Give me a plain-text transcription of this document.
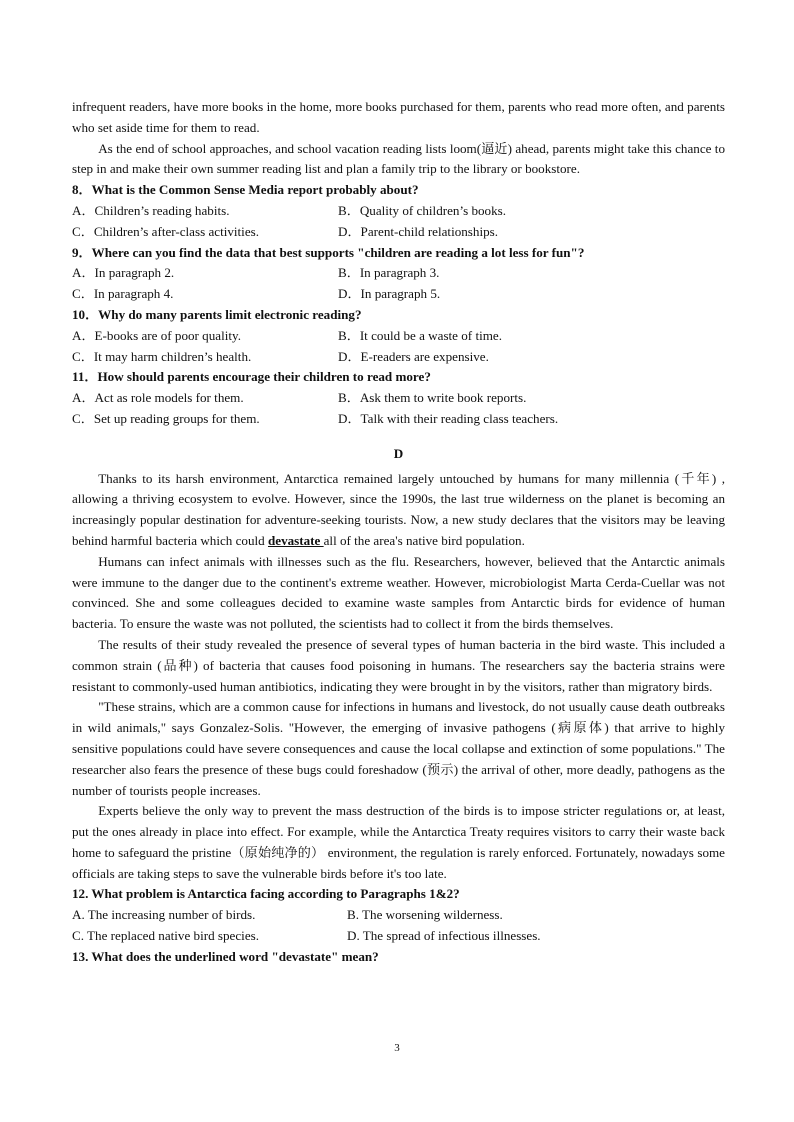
infrequent readers, have more books in the home, more books purchased for them, parents who read more often, and parents who set aside time for them to read.

As the end of school approaches, and school vacation reading lists loom(逼近) ahead, parents might take this chance to step in and make their own summer reading list and plan a family trip to the library or bookstore.

8．What is the Common Sense Media report probably about?

A．Children’s reading habits.	B．Quality of children’s books.
C．Children’s after-class activities.	D．Parent-child relationships.

9．Where can you find the data that best supports "children are reading a lot less for fun"?

A．In paragraph 2.	B．In paragraph 3.
C．In paragraph 4.	D．In paragraph 5.

10．Why do many parents limit electronic reading?

A．E-books are of poor quality.	B．It could be a waste of time.
C．It may harm children’s health.	D．E-readers are expensive.

11．How should parents encourage their children to read more?

A．Act as role models for them.	B．Ask them to write book reports.
C．Set up reading groups for them.	D．Talk with their reading class teachers.

D

Thanks to its harsh environment, Antarctica remained largely untouched by humans for many millennia (千年) , allowing a thriving ecosystem to evolve. However, since the 1990s, the last true wilderness on the planet is becoming an increasingly popular destination for adventure-seeking tourists. Now, a new study declares that the visitors may be leaving behind harmful bacteria which could devastate all of the area's native bird population.

Humans can infect animals with illnesses such as the flu. Researchers, however, believed that the Antarctic animals were immune to the danger due to the continent's extreme weather. However, microbiologist Marta Cerda-Cuellar was not convinced. She and some colleagues decided to examine waste samples from Antarctic birds for evidence of human bacteria. To ensure the waste was not polluted, the scientists had to collect it from the birds themselves.

The results of their study revealed the presence of several types of human bacteria in the bird waste. This included a common strain (品种) of bacteria that causes food poisoning in humans. The researchers say the bacteria strains were resistant to commonly-used human antibiotics, indicating they were brought in by the visitors, rather than migratory birds.

"These strains, which are a common cause for infections in humans and livestock, do not usually cause death outbreaks in wild animals," says Gonzalez-Solis. "However, the emerging of invasive pathogens (病原体) that arrive to highly sensitive populations could have severe consequences and cause the local collapse and extinction of some populations." The researcher also fears the presence of these bugs could foreshadow (预示) the arrival of other, more deadly, pathogens as the number of tourists people increases.

Experts believe the only way to prevent the mass destruction of the birds is to impose stricter regulations or, at least, put the ones already in place into effect. For example, while the Antarctica Treaty requires visitors to carry their waste back home to safeguard the pristine（原始纯净的） environment, the regulation is rarely enforced. Fortunately, nowadays some officials are taking steps to save the vulnerable birds before it's too late.

12. What problem is Antarctica facing according to Paragraphs 1&2?

A. The increasing number of birds.	B. The worsening wilderness.
C. The replaced native bird species.	D. The spread of infectious illnesses.

13. What does the underlined word "devastate" mean?

3
